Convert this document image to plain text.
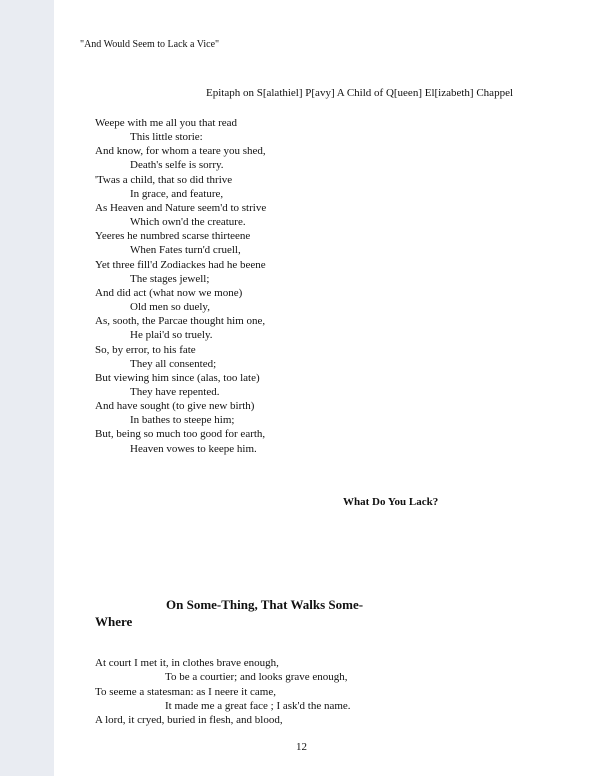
"And Would Seem to Lack a Vice"
Epitaph on S[alathiel] P[avy] A Child of Q[ueen] El[izabeth] Chappel
Weepe with me all you that read
This little storie:
And know, for whom a teare you shed,
Death's selfe is sorry.
'Twas a child, that so did thrive
In grace, and feature,
As Heaven and Nature seem'd to strive
Which own'd the creature.
Yeeres he numbred scarse thirteene
When Fates turn'd cruell,
Yet three fill'd Zodiackes had he beene
The stages jewell;
And did act (what now we mone)
Old men so duely,
As, sooth, the Parcae thought him one,
He plai'd so truely.
So, by error, to his fate
They all consented;
But viewing him since (alas, too late)
They have repented.
And have sought (to give new birth)
In bathes to steepe him;
But, being so much too good for earth,
Heaven vowes to keepe him.
What Do You Lack?
On Some-Thing, That Walks Some-
Where
At court I met it, in clothes brave enough,
To be a courtier; and looks grave enough,
To seeme a statesman: as I neere it came,
It made me a great face ; I ask'd the name.
A lord, it cryed, buried in flesh, and blood,
12
